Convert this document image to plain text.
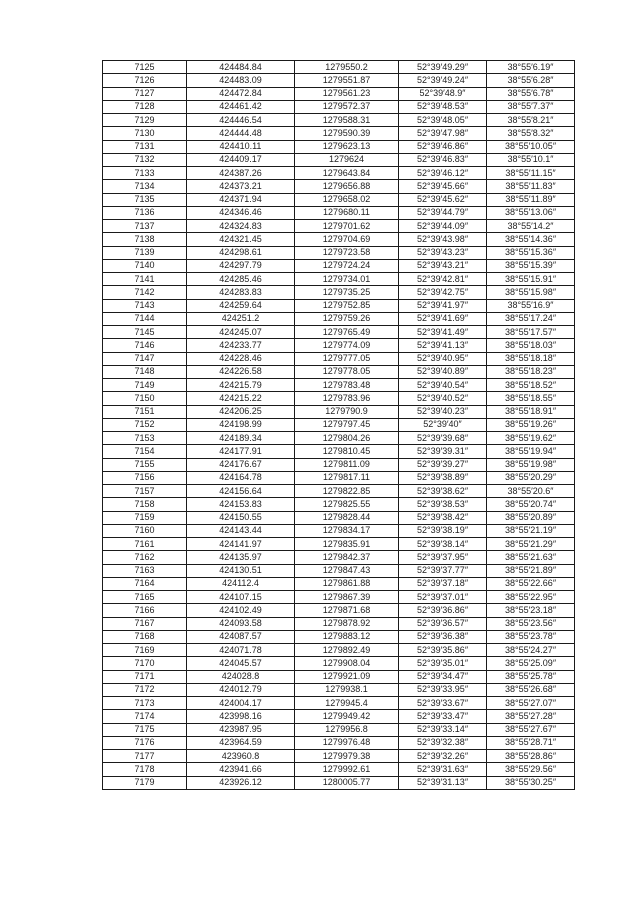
7125	424484.84	1279550.2	52°39′49.29″	38°55′6.19″
7126	424483.09	1279551.87	52°39′49.24″	38°55′6.28″
7127	424472.84	1279561.23	52°39′48.9″	38°55′6.78″
7128	424461.42	1279572.37	52°39′48.53″	38°55′7.37″
7129	424446.54	1279588.31	52°39′48.05″	38°55′8.21″
7130	424444.48	1279590.39	52°39′47.98″	38°55′8.32″
7131	424410.11	1279623.13	52°39′46.86″	38°55′10.05″
7132	424409.17	1279624	52°39′46.83″	38°55′10.1″
7133	424387.26	1279643.84	52°39′46.12″	38°55′11.15″
7134	424373.21	1279656.88	52°39′45.66″	38°55′11.83″
7135	424371.94	1279658.02	52°39′45.62″	38°55′11.89″
7136	424346.46	1279680.11	52°39′44.79″	38°55′13.06″
7137	424324.83	1279701.62	52°39′44.09″	38°55′14.2″
7138	424321.45	1279704.69	52°39′43.98″	38°55′14.36″
7139	424298.61	1279723.58	52°39′43.23″	38°55′15.36″
7140	424297.79	1279724.24	52°39′43.21″	38°55′15.39″
7141	424285.46	1279734.01	52°39′42.81″	38°55′15.91″
7142	424283.83	1279735.25	52°39′42.75″	38°55′15.98″
7143	424259.64	1279752.85	52°39′41.97″	38°55′16.9″
7144	424251.2	1279759.26	52°39′41.69″	38°55′17.24″
7145	424245.07	1279765.49	52°39′41.49″	38°55′17.57″
7146	424233.77	1279774.09	52°39′41.13″	38°55′18.03″
7147	424228.46	1279777.05	52°39′40.95″	38°55′18.18″
7148	424226.58	1279778.05	52°39′40.89″	38°55′18.23″
7149	424215.79	1279783.48	52°39′40.54″	38°55′18.52″
7150	424215.22	1279783.96	52°39′40.52″	38°55′18.55″
7151	424206.25	1279790.9	52°39′40.23″	38°55′18.91″
7152	424198.99	1279797.45	52°39′40″	38°55′19.26″
7153	424189.34	1279804.26	52°39′39.68″	38°55′19.62″
7154	424177.91	1279810.45	52°39′39.31″	38°55′19.94″
7155	424176.67	1279811.09	52°39′39.27″	38°55′19.98″
7156	424164.78	1279817.11	52°39′38.89″	38°55′20.29″
7157	424156.64	1279822.85	52°39′38.62″	38°55′20.6″
7158	424153.83	1279825.55	52°39′38.53″	38°55′20.74″
7159	424150.55	1279828.44	52°39′38.42″	38°55′20.89″
7160	424143.44	1279834.17	52°39′38.19″	38°55′21.19″
7161	424141.97	1279835.91	52°39′38.14″	38°55′21.29″
7162	424135.97	1279842.37	52°39′37.95″	38°55′21.63″
7163	424130.51	1279847.43	52°39′37.77″	38°55′21.89″
7164	424112.4	1279861.88	52°39′37.18″	38°55′22.66″
7165	424107.15	1279867.39	52°39′37.01″	38°55′22.95″
7166	424102.49	1279871.68	52°39′36.86″	38°55′23.18″
7167	424093.58	1279878.92	52°39′36.57″	38°55′23.56″
7168	424087.57	1279883.12	52°39′36.38″	38°55′23.78″
7169	424071.78	1279892.49	52°39′35.86″	38°55′24.27″
7170	424045.57	1279908.04	52°39′35.01″	38°55′25.09″
7171	424028.8	1279921.09	52°39′34.47″	38°55′25.78″
7172	424012.79	1279938.1	52°39′33.95″	38°55′26.68″
7173	424004.17	1279945.4	52°39′33.67″	38°55′27.07″
7174	423998.16	1279949.42	52°39′33.47″	38°55′27.28″
7175	423987.95	1279956.8	52°39′33.14″	38°55′27.67″
7176	423964.59	1279976.48	52°39′32.38″	38°55′28.71″
7177	423960.8	1279979.38	52°39′32.26″	38°55′28.86″
7178	423941.66	1279992.61	52°39′31.63″	38°55′29.56″
7179	423926.12	1280005.77	52°39′31.13″	38°55′30.25″
